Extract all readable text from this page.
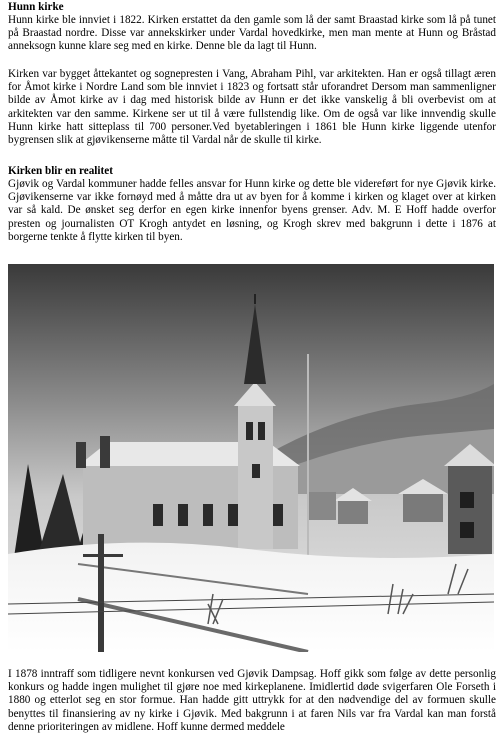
Hunn kirke

Hunn kirke ble innviet i 1822. Kirken erstattet da den gamle som lå der samt Braastad kirke som lå på tunet på Braastad nordre. Disse var annekskirker under Vardal hovedkirke, men man mente at Hunn og Bråstad anneksogn kunne klare seg med en kirke. Denne ble da lagt til Hunn.

Kirken var bygget åttekantet og sognepresten i Vang, Abraham Pihl, var arkitekten. Han er også tillagt æren for Åmot kirke i Nordre Land som ble innviet i 1823 og fortsatt står uforandret Dersom man sammenligner bilde av Åmot kirke av i dag med historisk bilde av Hunn er det ikke vanskelig å bli overbevist om at arkitekten var den samme. Kirkene ser ut til å være fullstendig like. Om de også var like innvendig skulle Hunn kirke hatt sitteplass til 700 personer.Ved byetableringen i 1861 ble Hunn kirke liggende utenfor bygrensen slik at gjøvikenserne måtte til Vardal når de skulle til kirke.

Kirken blir en realitet

Gjøvik og Vardal kommuner hadde felles ansvar for Hunn kirke og dette ble videreført for nye Gjøvik kirke. Gjøvikenserne var ikke fornøyd med å måtte dra ut av byen for å komme i kirken og klaget over at kirken var så kald. De ønsket seg derfor en egen kirke innenfor byens grenser. Adv. M. E Hoff hadde overfor presten og journalisten OT Krogh antydet en løsning, og Krogh skrev med bakgrunn i dette i 1876 at borgerne tenkte å flytte kirken til byen.

I 1878 inntraff som tidligere nevnt konkursen ved Gjøvik Dampsag. Hoff gikk som følge av dette personlig konkurs og hadde ingen mulighet til gjøre noe med kirkeplanene. Imidlertid døde svigerfaren Ole Forseth i 1880 og etterlot seg en stor formue. Han hadde gitt uttrykk for at den nødvendige del av formuen skulle benyttes til finansiering av ny kirke i Gjøvik. Med bakgrunn i at faren Nils var fra Vardal kan man forstå denne prioriteringen av midlene. Hoff kunne dermed meddele
